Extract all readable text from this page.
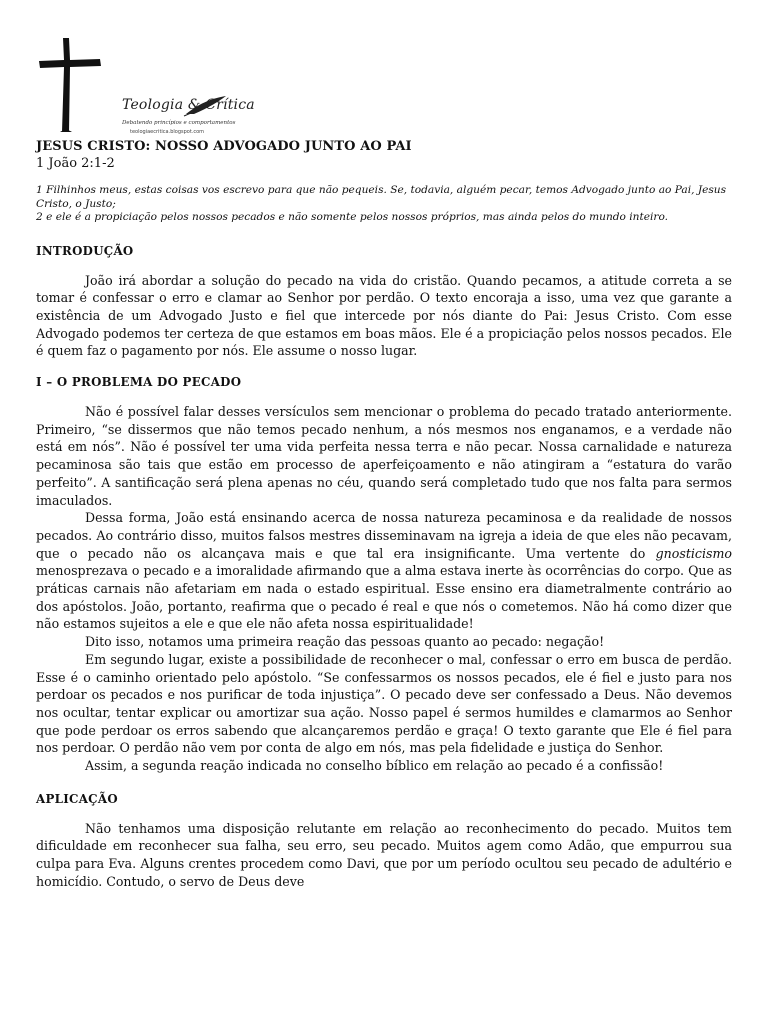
Teologia & Crítica
Debatendo princípios e comportamentos
teologiaecritica.blogspot.com
JESUS CRISTO: NOSSO ADVOGADO JUNTO AO PAI

1 João 2:1-2

1 Filhinhos meus, estas coisas vos escrevo para que não pequeis. Se, todavia, alguém pecar, temos Advogado junto ao Pai, Jesus Cristo, o Justo;
2 e ele é a propiciação pelos nossos pecados e não somente pelos nossos próprios, mas ainda pelos do mundo inteiro.

INTRODUÇÃO

João irá abordar a solução do pecado na vida do cristão. Quando pecamos, a atitude correta a se tomar é confessar o erro e clamar ao Senhor por perdão. O texto encoraja a isso, uma vez que garante a existência de um Advogado Justo e fiel que intercede por nós diante do Pai: Jesus Cristo. Com esse Advogado podemos ter certeza de que estamos em boas mãos. Ele é a propiciação pelos nossos pecados. Ele é quem faz o pagamento por nós. Ele assume o nosso lugar.

I – O PROBLEMA DO PECADO

Não é possível falar desses versículos sem mencionar o problema do pecado tratado anteriormente. Primeiro, “se dissermos que não temos pecado nenhum, a nós mesmos nos enganamos, e a verdade não está em nós”. Não é possível ter uma vida perfeita nessa terra e não pecar. Nossa carnalidade e natureza pecaminosa são tais que estão em processo de aperfeiçoamento e não atingiram a “estatura do varão perfeito”. A santificação será plena apenas no céu, quando será completado tudo que nos falta para sermos imaculados.

Dessa forma, João está ensinando acerca de nossa natureza pecaminosa e da realidade de nossos pecados. Ao contrário disso, muitos falsos mestres disseminavam na igreja a ideia de que eles não pecavam, que o pecado não os alcançava mais e que tal era insignificante. Uma vertente do gnosticismo menosprezava o pecado e a imoralidade afirmando que a alma estava inerte às ocorrências do corpo. Que as práticas carnais não afetariam em nada o estado espiritual. Esse ensino era diametralmente contrário ao dos apóstolos. João, portanto, reafirma que o pecado é real e que nós o cometemos. Não há como dizer que não estamos sujeitos a ele e que ele não afeta nossa espiritualidade!

Dito isso, notamos uma primeira reação das pessoas quanto ao pecado: negação!

Em segundo lugar, existe a possibilidade de reconhecer o mal, confessar o erro em busca de perdão. Esse é o caminho orientado pelo apóstolo. “Se confessarmos os nossos pecados, ele é fiel e justo para nos perdoar os pecados e nos purificar de toda injustiça”. O pecado deve ser confessado a Deus. Não devemos nos ocultar, tentar explicar ou amortizar sua ação. Nosso papel é sermos humildes e clamarmos ao Senhor que pode perdoar os erros sabendo que alcançaremos perdão e graça! O texto garante que Ele é fiel para nos perdoar. O perdão não vem por conta de algo em nós, mas pela fidelidade e justiça do Senhor.

Assim, a segunda reação indicada no conselho bíblico em relação ao pecado é a confissão!

APLICAÇÃO

Não tenhamos uma disposição relutante em relação ao reconhecimento do pecado. Muitos tem dificuldade em reconhecer sua falha, seu erro, seu pecado. Muitos agem como Adão, que empurrou sua culpa para Eva. Alguns crentes procedem como Davi, que por um período ocultou seu pecado de adultério e homicídio. Contudo, o servo de Deus deve
